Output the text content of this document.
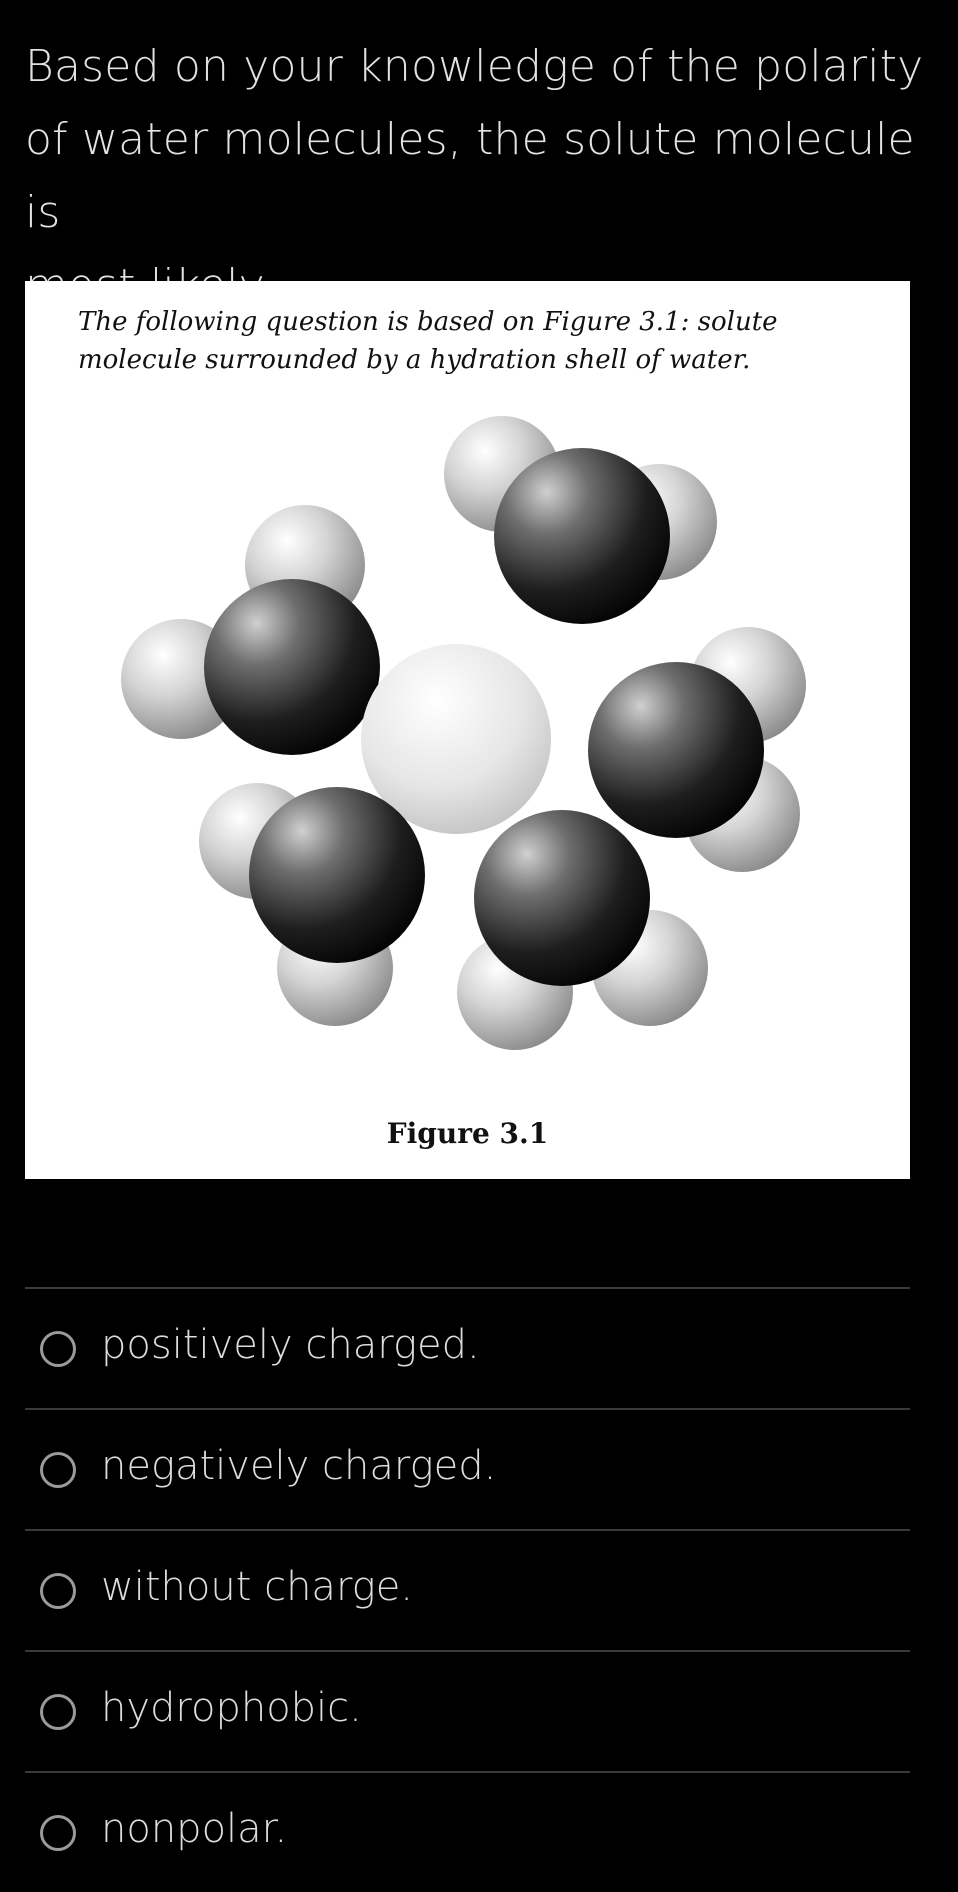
Based on your knowledge of the polarity
of water molecules, the solute molecule is
The following question is based on Figure 3.1: solute
molecule surrounded by a hydration shell of water.
Figure 3.1
positively charged.
negatively charged.
without charge.
hydrophobic.
nonpolar.
